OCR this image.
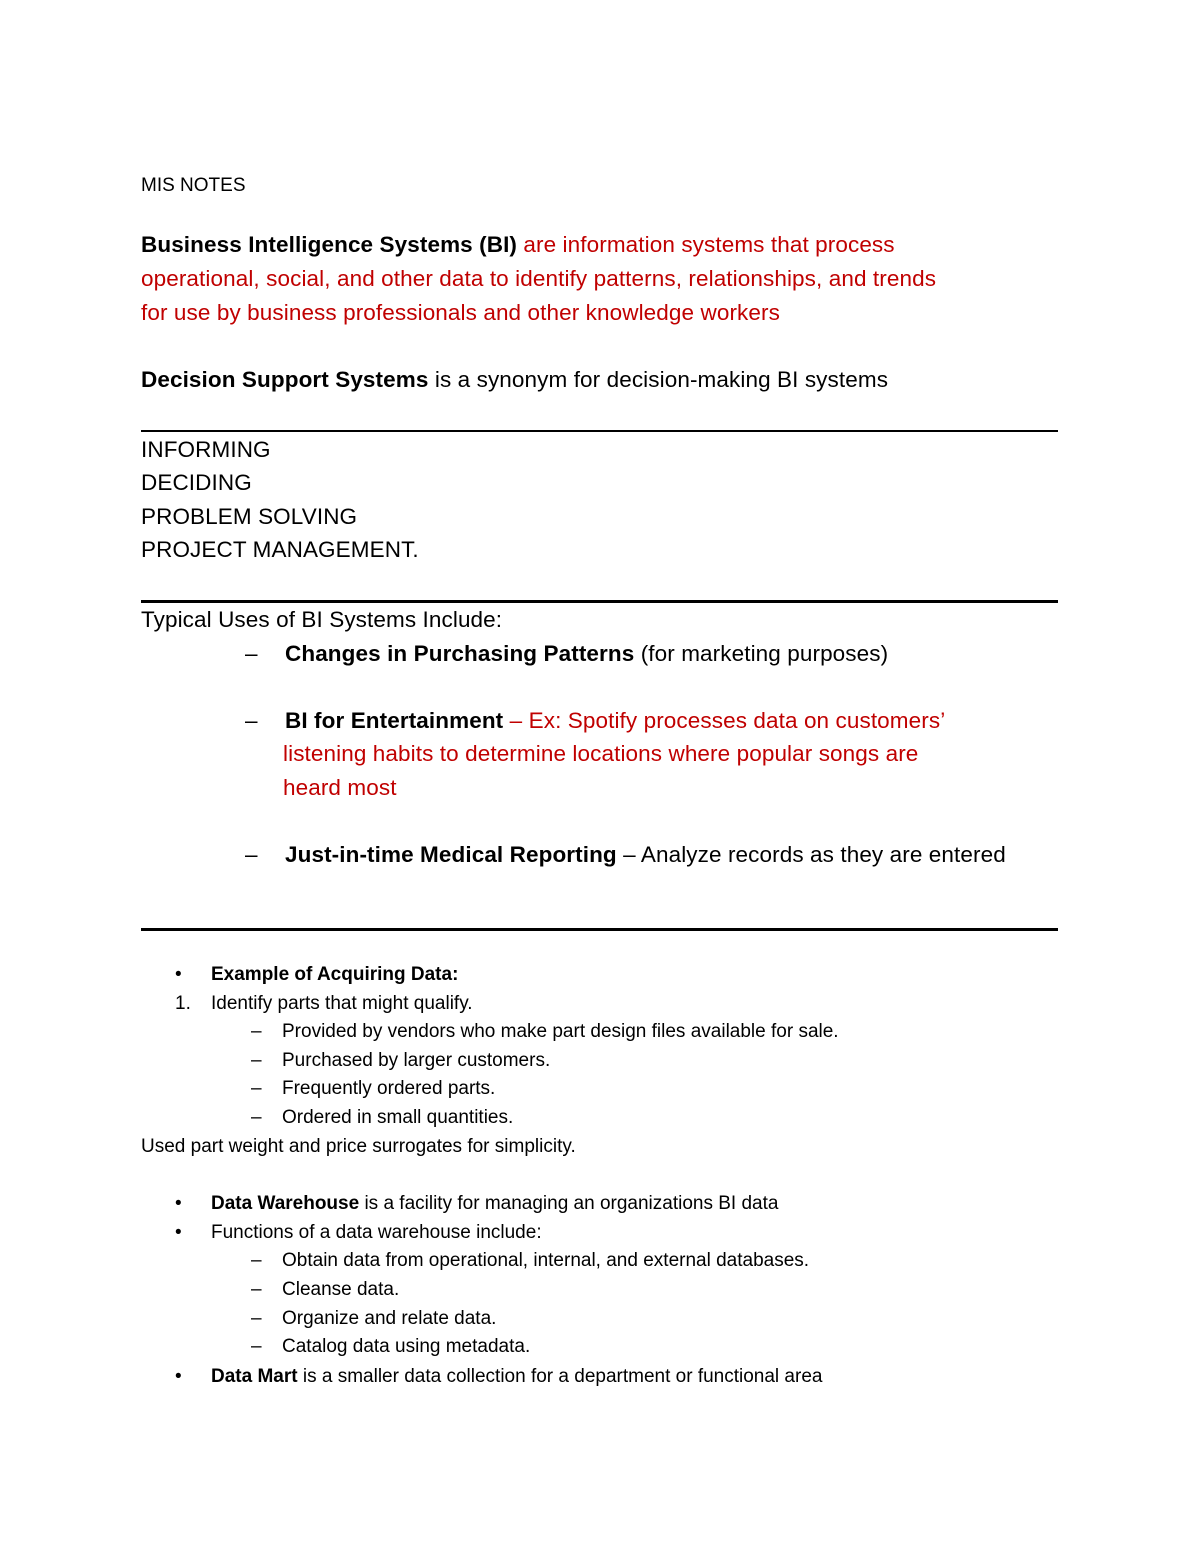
MIS NOTES
Business Intelligence Systems (BI) are information systems that process
operational, social, and other data to identify patterns, relationships, and trends
for use by business professionals and other knowledge workers
Decision Support Systems is a synonym for decision-making BI systems
INFORMING
DECIDING
PROBLEM SOLVING
PROJECT MANAGEMENT.
Typical Uses of BI Systems Include:
– Changes in Purchasing Patterns (for marketing purposes)
– BI for Entertainment – Ex: Spotify processes data on customers’
listening habits to determine locations where popular songs are
heard most
– Just-in-time Medical Reporting – Analyze records as they are entered
• Example of Acquiring Data:
1. Identify parts that might qualify.
– Provided by vendors who make part design files available for sale.
– Purchased by larger customers.
– Frequently ordered parts.
– Ordered in small quantities.
Used part weight and price surrogates for simplicity.
• Data Warehouse is a facility for managing an organizations BI data
• Functions of a data warehouse include:
– Obtain data from operational, internal, and external databases.
– Cleanse data.
– Organize and relate data.
– Catalog data using metadata.
• Data Mart is a smaller data collection for a department or functional area
